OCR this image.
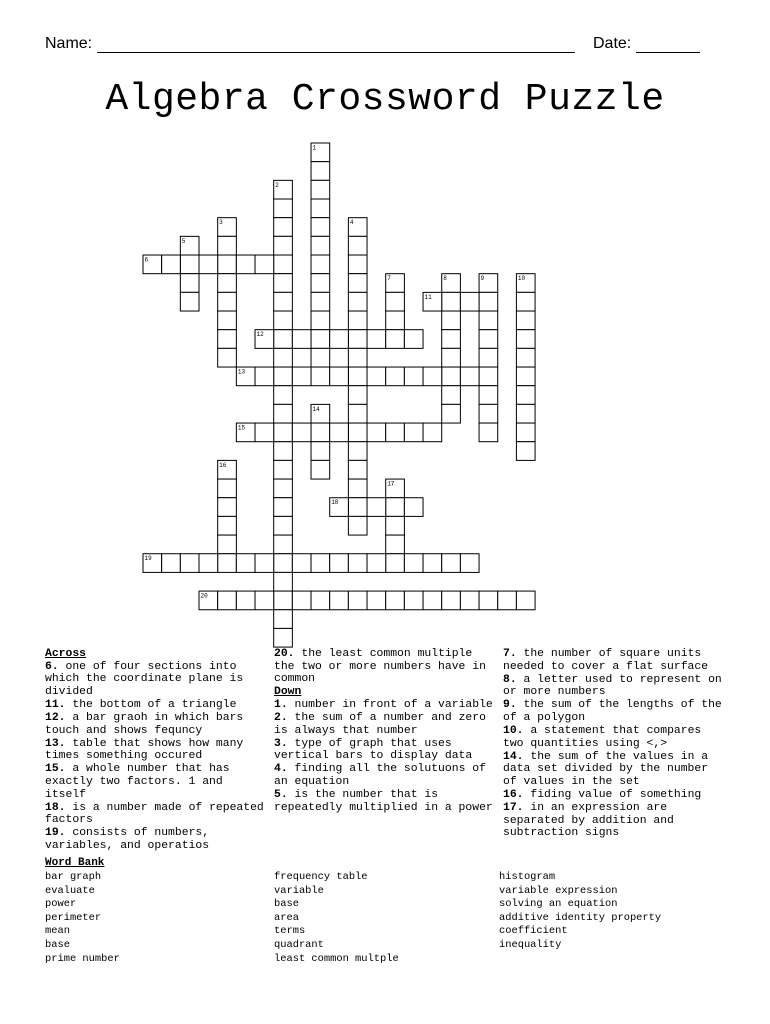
Name:	Date:
Algebra Crossword Puzzle
1
2
3	4
5
6
7	8	9	10
11
12
13
14
15
16
17
18
19
20
Across
6. one of four sections into which the coordinate plane is divided
11. the bottom of a triangle
12. a bar graoh in which bars touch and shows fequncy
13. table that shows how many times something occured
15. a whole number that has exactly two factors. 1 and itself
18. is a number made of repeated factors
19. consists of numbers, variables, and operatios
20. the least common multiple the two or more numbers have in common
Down
1. number in front of a variable
2. the sum of a number and zero is always that number
3. type of graph that uses vertical bars to display data
4. finding all the solutuons of an equation
5. is the number that is repeatedly multiplied in a power
7. the number of square units needed to cover a flat surface
8. a letter used to represent on or more numbers
9. the sum of the lengths of the of a polygon
10. a statement that compares two quantities using <,>
14. the sum of the values in a data set divided by the number of values in the set
16. fiding value of something
17. in an expression are separated by addition and subtraction signs
Word Bank
bar graph
evaluate
power
perimeter
mean
base
prime number
frequency table
variable
base
area
terms
quadrant
least common multple
histogram
variable expression
solving an equation
additive identity property
coefficient
inequality
